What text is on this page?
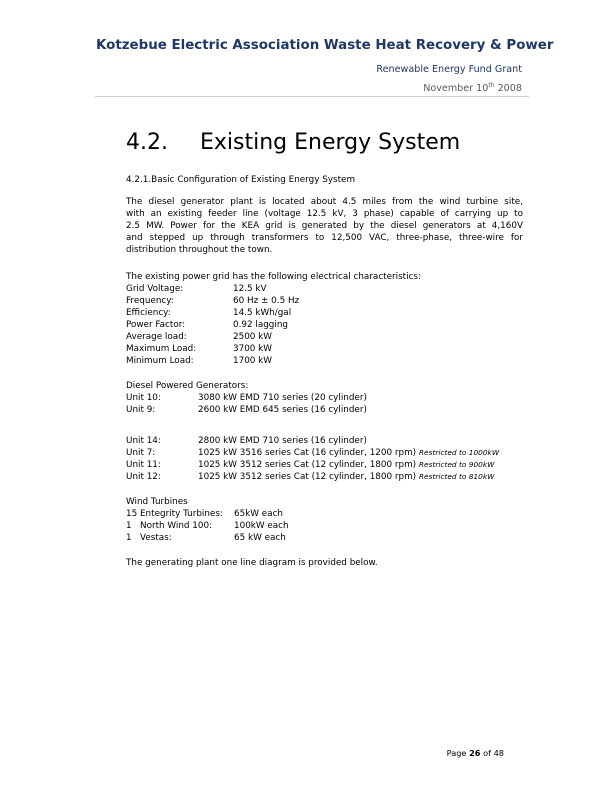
Kotzebue Electric Association Waste Heat Recovery & Power
Renewable Energy Fund Grant
November 10th 2008
4.2. Existing Energy System
4.2.1.Basic Configuration of Existing Energy System
The diesel generator plant is located about 4.5 miles from the wind turbine site,
with an existing feeder line (voltage 12.5 kV, 3 phase) capable of carrying up to
2.5 MW. Power for the KEA grid is generated by the diesel generators at 4,160V
and stepped up through transformers to 12,500 VAC, three-phase, three-wire for
distribution throughout the town.
The existing power grid has the following electrical characteristics:
Grid Voltage:	12.5 kV
Frequency:	60 Hz ± 0.5 Hz
Efficiency:	14.5 kWh/gal
Power Factor:	0.92 lagging
Average load:	2500 kW
Maximum Load:	3700 kW
Minimum Load:	1700 kW
Diesel Powered Generators:
Unit 10:	3080 kW EMD 710 series (20 cylinder)
Unit 9:	2600 kW EMD 645 series (16 cylinder)
Unit 14:	2800 kW EMD 710 series (16 cylinder)
Unit 7:	1025 kW 3516 series Cat (16 cylinder, 1200 rpm) Restricted to 1000kW
Unit 11:	1025 kW 3512 series Cat (12 cylinder, 1800 rpm) Restricted to 900kW
Unit 12:	1025 kW 3512 series Cat (12 cylinder, 1800 rpm) Restricted to 810kW
Wind Turbines
15 Entegrity Turbines: 65kW each
1 North Wind 100: 100kW each
1 Vestas:	65 kW each
The generating plant one line diagram is provided below.
Page 26 of 48
